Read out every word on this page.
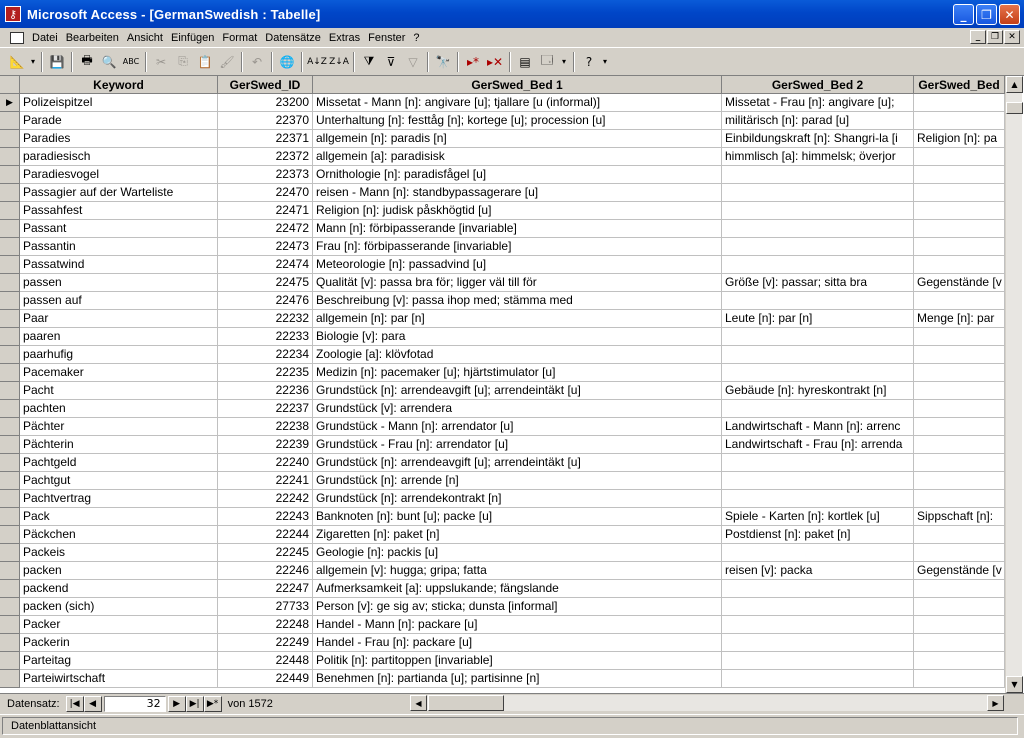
⚷ Microsoft Access - [GermanSwedish : Tabelle]	_	❐	✕
Datei Bearbeiten Ansicht Einfügen Format Datensätze Extras Fenster ?	_	❐	✕
📐 ▾ 💾	🖶 🔍 ABC	✂	⎘ 📋 🖌	↶	🌐	A↓Z Z↓A	⧩	⊽	▽	🔭	▸* ▸✕	▤ 🗔	▾	?	▾
Keyword	GerSwed_ID	GerSwed_Bed 1	GerSwed_Bed 2	GerSwed_Bed
▶ Polizeispitzel	23200 Missetat - Mann [n]: angivare [u]; tjallare [u (informal)]	Missetat - Frau [n]: angivare [u];
Parade	22370 Unterhaltung [n]: festtåg [n]; kortege [u]; procession [u]	militärisch [n]: parad [u]
Paradies	22371 allgemein [n]: paradis [n]	Einbildungskraft [n]: Shangri-la [i	Religion [n]: pa
paradiesisch	22372 allgemein [a]: paradisisk	himmlisch [a]: himmelsk; överjor
Paradiesvogel	22373 Ornithologie [n]: paradisfågel [u]
Passagier auf der Warteliste	22470 reisen - Mann [n]: standbypassagerare [u]
Passahfest	22471 Religion [n]: judisk påskhögtid [u]
Passant	22472 Mann [n]: förbipasserande [invariable]
Passantin	22473 Frau [n]: förbipasserande [invariable]
Passatwind	22474 Meteorologie [n]: passadvind [u]
passen	22475 Qualität [v]: passa bra för; ligger väl till för	Größe [v]: passar; sitta bra	Gegenstände [v
passen auf	22476 Beschreibung [v]: passa ihop med; stämma med
Paar	22232 allgemein [n]: par [n]	Leute [n]: par [n]	Menge [n]: par
paaren	22233 Biologie [v]: para
paarhufig	22234 Zoologie [a]: klövfotad
Pacemaker	22235 Medizin [n]: pacemaker [u]; hjärtstimulator [u]
Pacht	22236 Grundstück [n]: arrendeavgift [u]; arrendeintäkt [u]	Gebäude [n]: hyreskontrakt [n]
pachten	22237 Grundstück [v]: arrendera
Pächter	22238 Grundstück - Mann [n]: arrendator [u]	Landwirtschaft - Mann [n]: arrenc
Pächterin	22239 Grundstück - Frau [n]: arrendator [u]	Landwirtschaft - Frau [n]: arrenda
Pachtgeld	22240 Grundstück [n]: arrendeavgift [u]; arrendeintäkt [u]
Pachtgut	22241 Grundstück [n]: arrende [n]
Pachtvertrag	22242 Grundstück [n]: arrendekontrakt [n]
Pack	22243 Banknoten [n]: bunt [u]; packe [u]	Spiele - Karten [n]: kortlek [u]	Sippschaft [n]:
Päckchen	22244 Zigaretten [n]: paket [n]	Postdienst [n]: paket [n]
Packeis	22245 Geologie [n]: packis [u]
packen	22246 allgemein [v]: hugga; gripa; fatta	reisen [v]: packa	Gegenstände [v
packend	22247 Aufmerksamkeit [a]: uppslukande; fängslande
packen (sich)	27733 Person [v]: ge sig av; sticka; dunsta [informal]
Packer	22248 Handel - Mann [n]: packare [u]
Packerin	22249 Handel - Frau [n]: packare [u]
Parteitag	22448 Politik [n]: partitoppen [invariable]
Parteiwirtschaft	22449 Benehmen [n]: partianda [u]; partisinne [n]
▲
▼
Datensatz:	|◀	◀	32	▶	▶| ▶* von 1572	◀	▶
Datenblattansicht
